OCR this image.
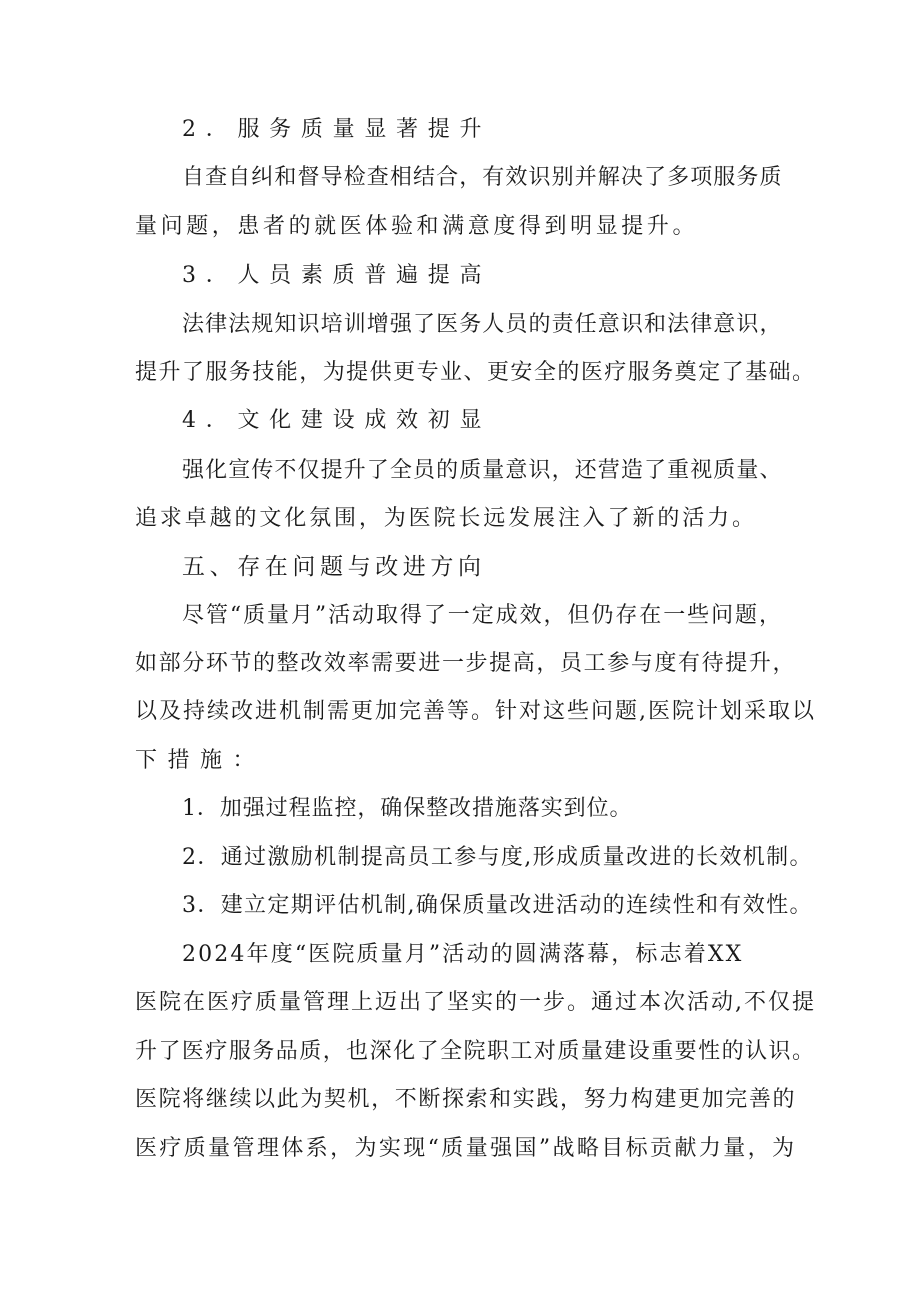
2．服务质量显著提升
自查自纠和督导检查相结合，有效识别并解决了多项服务质
量问题，患者的就医体验和满意度得到明显提升。
3．人员素质普遍提高
法律法规知识培训增强了医务人员的责任意识和法律意识，
提升了服务技能，为提供更专业、更安全的医疗服务奠定了基础。
4．文化建设成效初显
强化宣传不仅提升了全员的质量意识，还营造了重视质量、
追求卓越的文化氛围，为医院长远发展注入了新的活力。
五、存在问题与改进方向
尽管“质量月”活动取得了一定成效，但仍存在一些问题，
如部分环节的整改效率需要进一步提高，员工参与度有待提升，
以及持续改进机制需更加完善等。针对这些问题,医院计划采取以
下措施：
1．加强过程监控，确保整改措施落实到位。
2．通过激励机制提高员工参与度,形成质量改进的长效机制。
3．建立定期评估机制,确保质量改进活动的连续性和有效性。
2024年度“医院质量月”活动的圆满落幕，标志着XX
医院在医疗质量管理上迈出了坚实的一步。通过本次活动,不仅提
升了医疗服务品质，也深化了全院职工对质量建设重要性的认识。
医院将继续以此为契机，不断探索和实践，努力构建更加完善的
医疗质量管理体系，为实现“质量强国”战略目标贡献力量，为
